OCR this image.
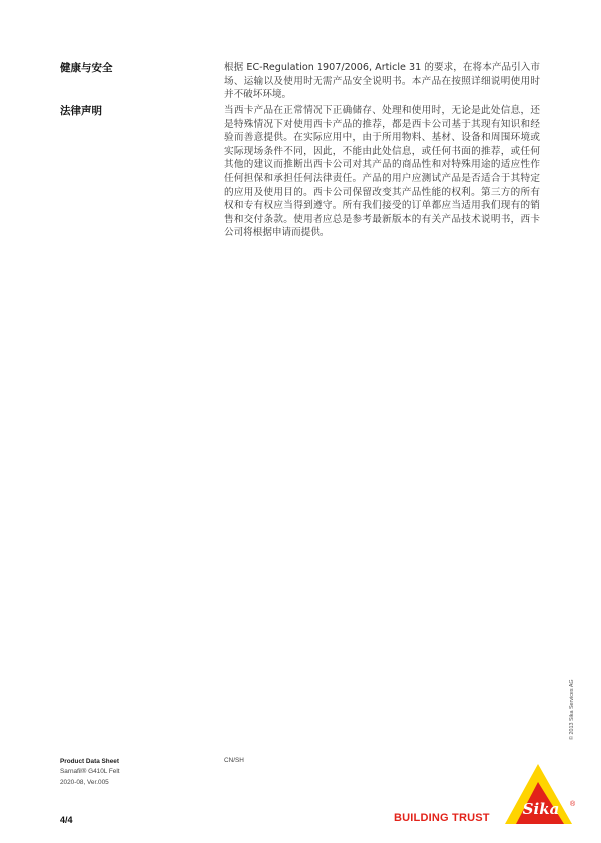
健康与安全	根据 EC-Regulation 1907/2006, Article 31 的要求，在将本产品引入市场、运输以及使用时无需产品安全说明书。本产品在按照详细说明使用时并不破坏环境。
法律声明	当西卡产品在正常情况下正确储存、处理和使用时，无论是此处信息，还是特殊情况下对使用西卡产品的推荐，都是西卡公司基于其现有知识和经验而善意提供。在实际应用中，由于所用物料、基材、设备和周围环境或实际现场条件不同，因此，不能由此处信息，或任何书面的推荐，或任何其他的建议而推断出西卡公司对其产品的商品性和对特殊用途的适应性作任何担保和承担任何法律责任。产品的用户应测试产品是否适合于其特定的应用及使用目的。西卡公司保留改变其产品性能的权利。第三方的所有权和专有权应当得到遵守。所有我们接受的订单都应当适用我们现有的销售和交付条款。使用者应总是参考最新版本的有关产品技术说明书，西卡公司将根据申请而提供。
Product Data Sheet
Sarnafil® G410L Felt
2020-08, Ver.005
CN/SH
4/4	BUILDING TRUST
© 2013 Sika Services AG
Sika ®
